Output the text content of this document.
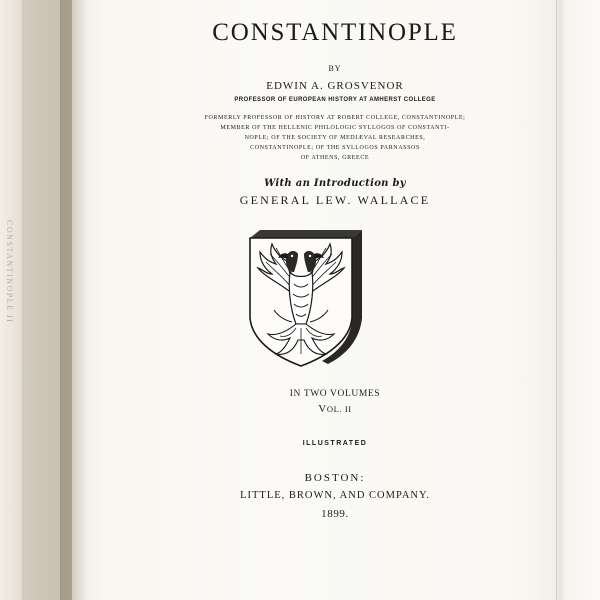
CONSTANTINOPLE II
CONSTANTINOPLE
BY
EDWIN A. GROSVENOR
PROFESSOR OF EUROPEAN HISTORY AT AMHERST COLLEGE
FORMERLY PROFESSOR OF HISTORY AT ROBERT COLLEGE, CONSTANTINOPLE;
MEMBER OF THE HELLENIC PHILOLOGIC SYLLOGOS OF CONSTANTI-
NOPLE; OF THE SOCIETY OF MEDIÆVAL RESEARCHES,
CONSTANTINOPLE; OF THE SYLLOGOS PARNASSOS
OF ATHENS, GREECE
With an Introduction by
GENERAL LEW. WALLACE
IN TWO VOLUMES
VOL. II
ILLUSTRATED
BOSTON:
LITTLE, BROWN, AND COMPANY.
1899.
